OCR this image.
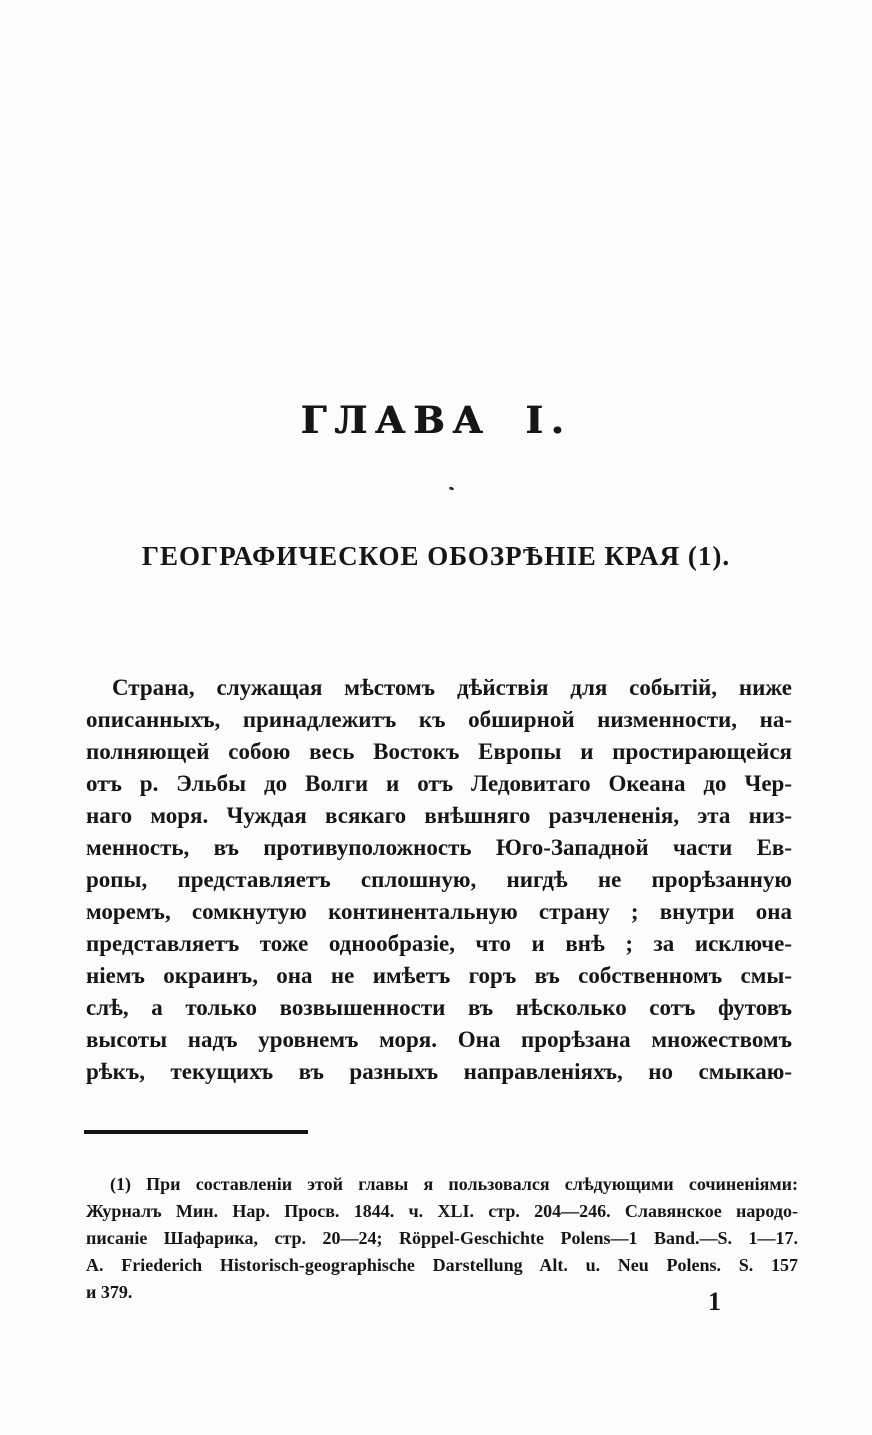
ГЛАВА I.
ГЕОГРАФИЧЕСКОЕ ОБОЗРѢНІЕ КРАЯ (1).
Страна, служащая мѣстомъ дѣйствія для событій, ниже
описанныхъ, принадлежитъ къ обширной низменности, на-
полняющей собою весь Востокъ Европы и простирающейся
отъ р. Эльбы до Волги и отъ Ледовитаго Океана до Чер-
наго моря. Чуждая всякаго внѣшняго разчлененія, эта низ-
менность, въ противуположность Юго-Западной части Ев-
ропы, представляетъ сплошную, нигдѣ не прорѣзанную
моремъ, сомкнутую континентальную страну ; внутри она
представляетъ тоже однообразіе, что и внѣ ; за исключе-
ніемъ окраинъ, она не имѣетъ горъ въ собственномъ смы-
слѣ, а только возвышенности въ нѣсколько сотъ футовъ
высоты надъ уровнемъ моря. Она прорѣзана множествомъ
рѣкъ, текущихъ въ разныхъ направленіяхъ, но смыкаю-
(1) При составленіи этой главы я пользовался слѣдующими сочиненіями:
Журналъ Мин. Нар. Просв. 1844. ч. XLI. стр. 204—246. Славянское народо-
писаніе Шафарика, стр. 20—24; Röppel-Geschichte Polens—1 Band.—S. 1—17.
A. Friederich Historisch-geographische Darstellung Alt. u. Neu Polens. S. 157
и 379.	1
